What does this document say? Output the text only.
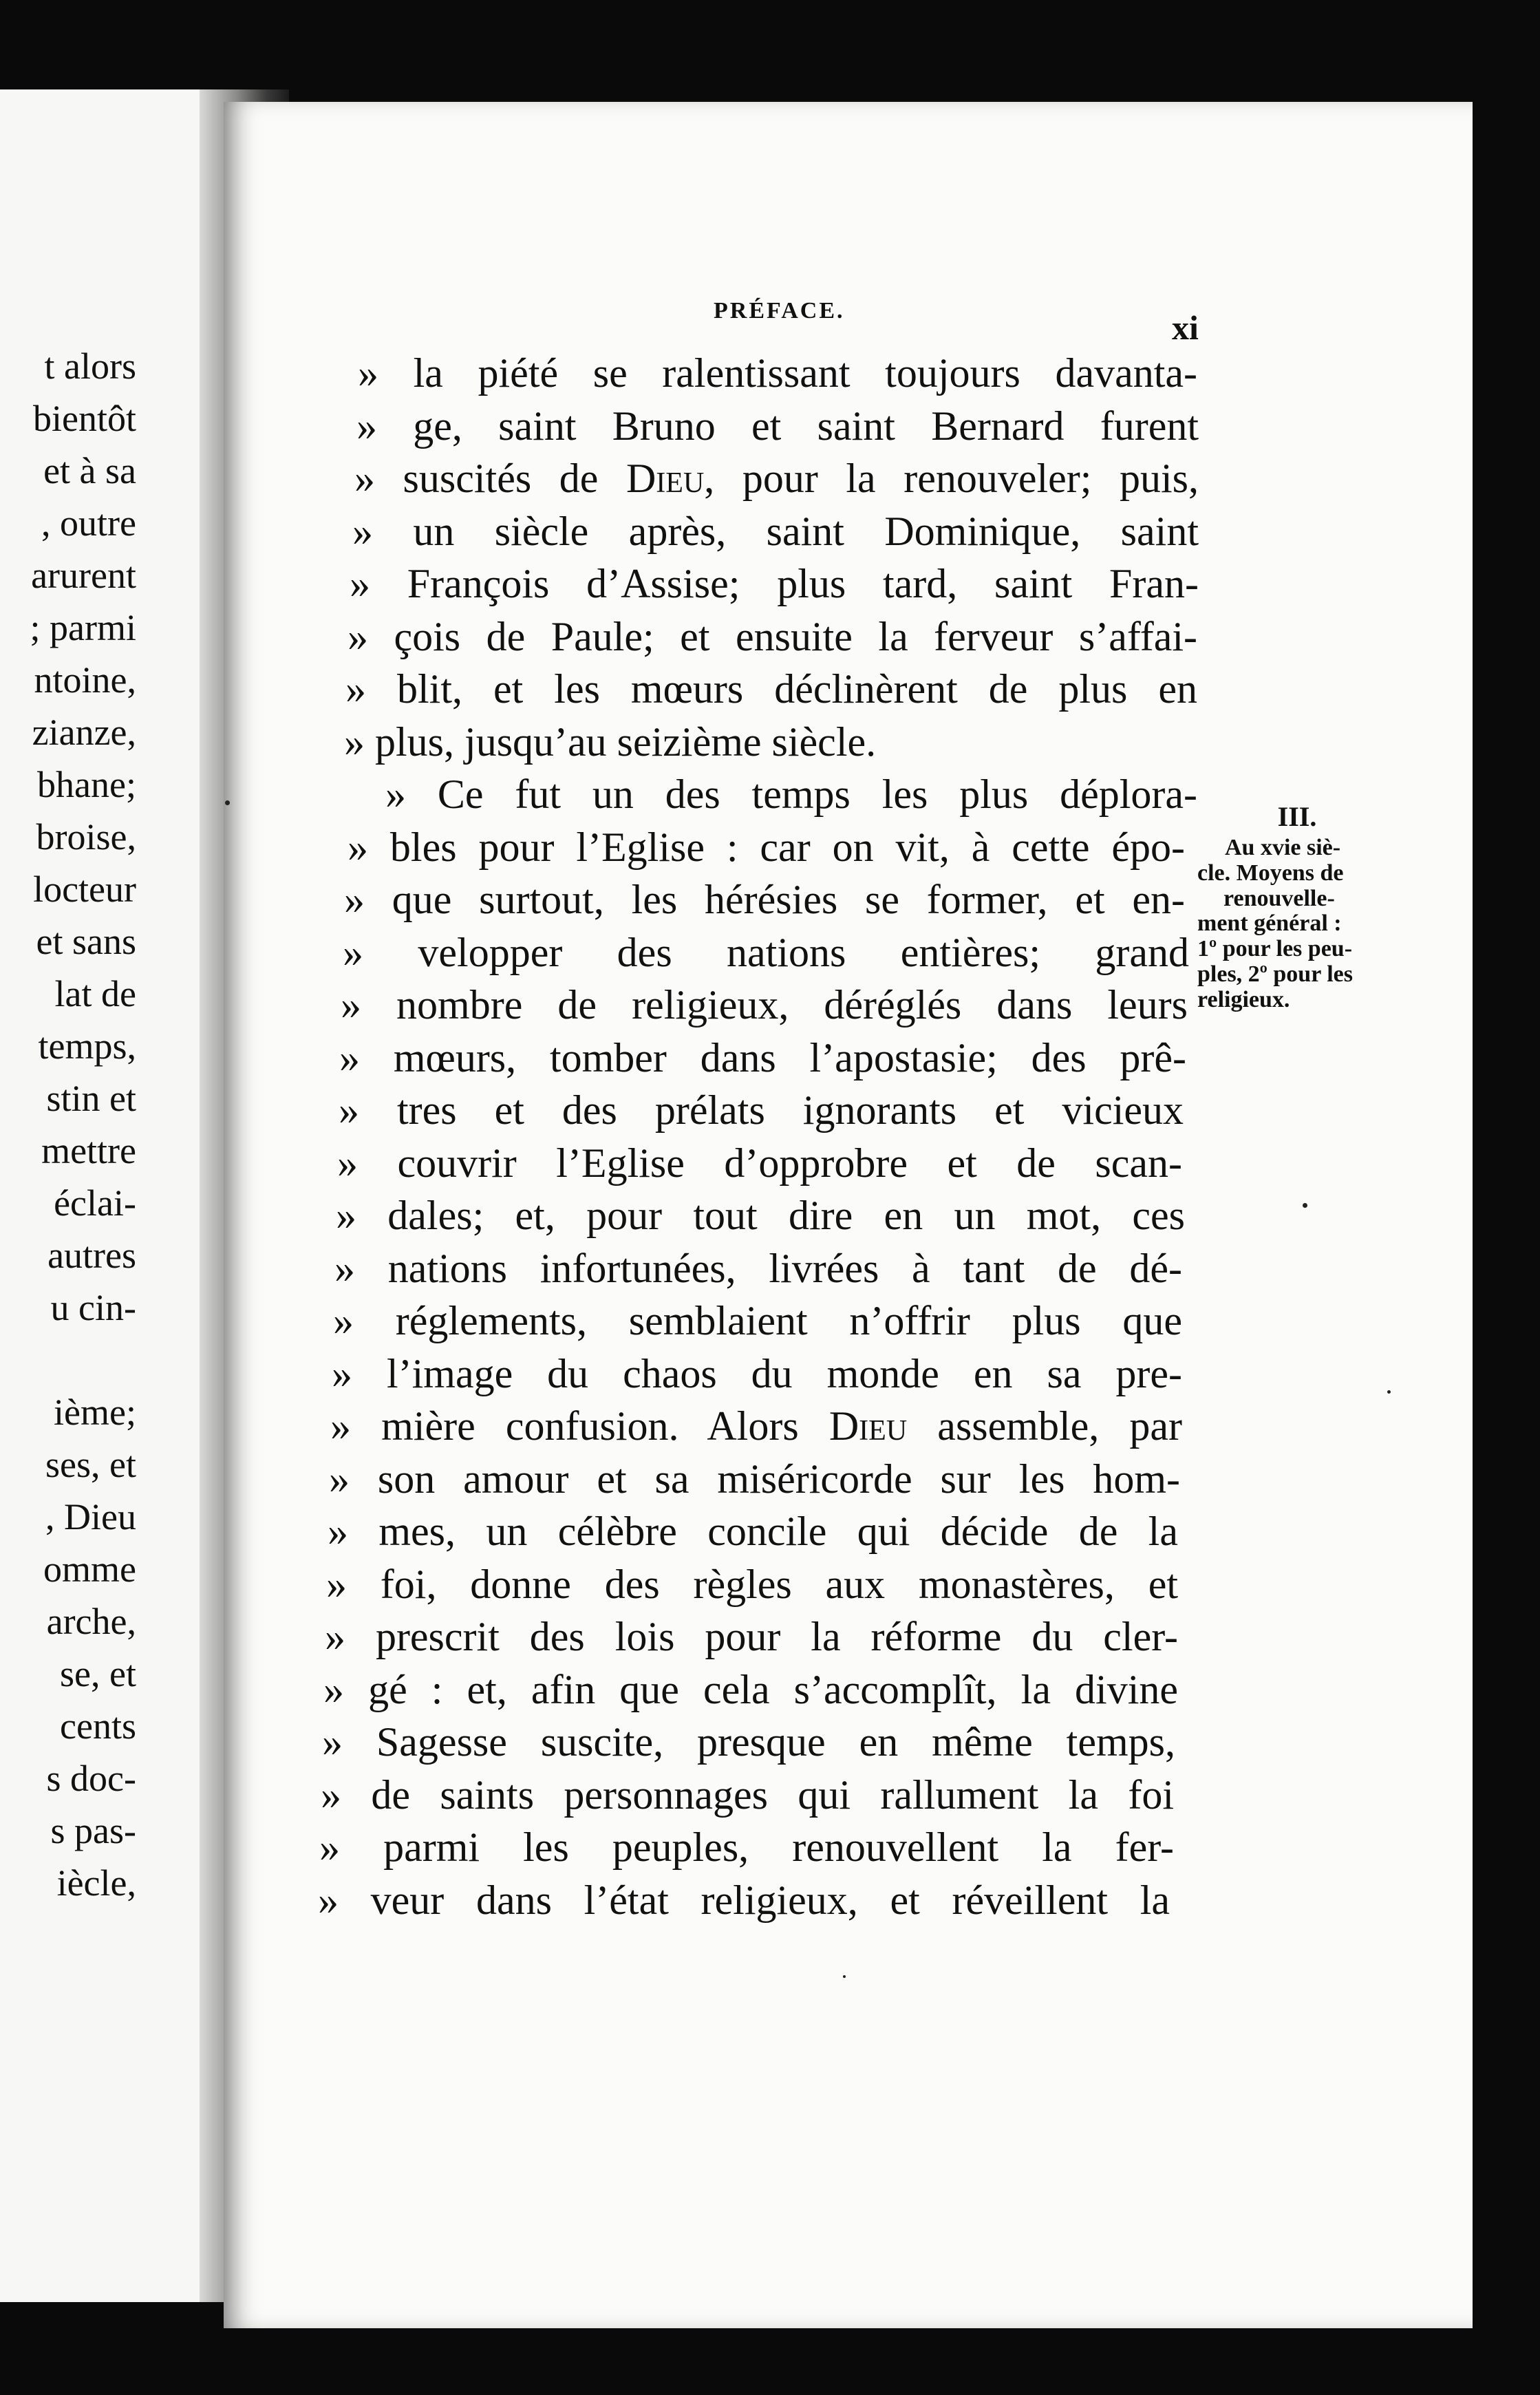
t alors

bientôt

et à sa

, outre

arurent

; parmi

ntoine,

zianze,

bhane;

broise,

locteur

et sans

lat de

temps,

stin et

mettre

éclai-

autres

u cin-

ième;

ses, et

, Dieu

omme

arche,

se, et

cents

s doc-

s pas-

iècle,

PRÉFACE.	xi

» la piété se ralentissant toujours davanta-

» ge, saint Bruno et saint Bernard furent

» suscités de Dieu, pour la renouveler; puis,

» un siècle après, saint Dominique, saint

» François d’Assise; plus tard, saint Fran-

» çois de Paule; et ensuite la ferveur s’affai-

» blit, et les mœurs déclinèrent de plus en

» plus, jusqu’au seizième siècle.

» Ce fut un des temps les plus déplora-

» bles pour l’Eglise : car on vit, à cette épo-

» que surtout, les hérésies se former, et en-

» velopper des nations entières; grand

» nombre de religieux, déréglés dans leurs

» mœurs, tomber dans l’apostasie; des prê-

» tres et des prélats ignorants et vicieux

» couvrir l’Eglise d’opprobre et de scan-

» dales; et, pour tout dire en un mot, ces

» nations infortunées, livrées à tant de dé-

» réglements, semblaient n’offrir plus que

» l’image du chaos du monde en sa pre-

» mière confusion. Alors Dieu assemble, par

» son amour et sa miséricorde sur les hom-

» mes, un célèbre concile qui décide de la

» foi, donne des règles aux monastères, et

» prescrit des lois pour la réforme du cler-

» gé : et, afin que cela s’accomplît, la divine

» Sagesse suscite, presque en même temps,

» de saints personnages qui rallument la foi

» parmi les peuples, renouvellent la fer-

» veur dans l’état religieux, et réveillent la

III.
Au xvie siè-
cle. Moyens de
renouvelle-
ment général :
1º pour les peu-
ples, 2º pour les
religieux.
